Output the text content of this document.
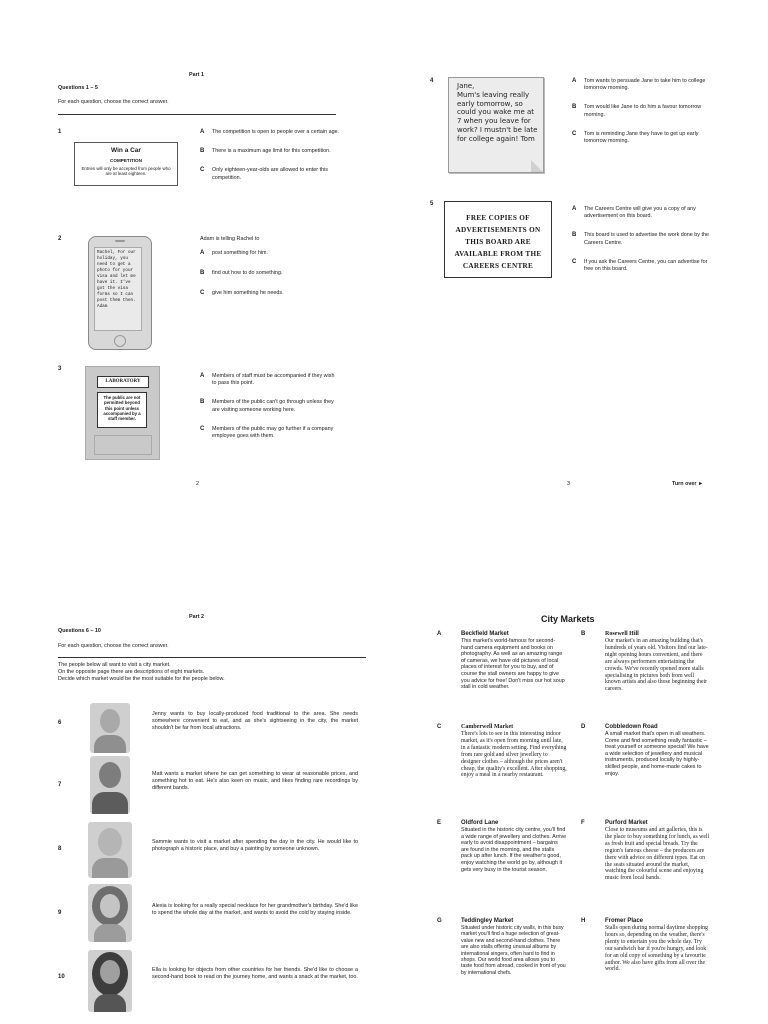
Part 1
Questions 1 – 5
For each question, choose the correct answer.
1
Win a Car
COMPETITION
Entries will only be accepted from people who are at least eighteen.
A	The competition is open to people over a certain age.
B	There is a maximum age limit for this competition.
C	Only eighteen-year-olds are allowed to enter this competition.
2
Rachel, For our holiday, you need to get a photo for your visa and let me have it. I've got the visa forms so I can post them then. Adam
Adam is telling Rachel to
A	post something for him.
B	find out how to do something.
C	give him something he needs.
3
LABORATORY
The public are not permitted beyond this point unless accompanied by a staff member.
A	Members of staff must be accompanied if they wish to pass this point.
B	Members of the public can't go through unless they are visiting someone working here.
C	Members of the public may go further if a company employee goes with them.
2
4
Jane,
Mum's leaving really early tomorrow, so could you wake me at 7 when you leave for work? I mustn't be late for college again! Tom
A	Tom wants to persuade Jane to take him to college tomorrow morning.
B	Tom would like Jane to do him a favour tomorrow morning.
C	Tom is reminding Jane they have to get up early tomorrow morning.
5
FREE COPIES OF ADVERTISEMENTS ON THIS BOARD ARE AVAILABLE FROM THE CAREERS CENTRE
A	The Careers Centre will give you a copy of any advertisement on this board.
B	This board is used to advertise the work done by the Careers Centre.
C	If you ask the Careers Centre, you can advertise for free on this board.
3	Turn over ►
Part 2
Questions 6 – 10
For each question, choose the correct answer.
The people below all want to visit a city market.
On the opposite page there are descriptions of eight markets.
Decide which market would be the most suitable for the people below.
6
Jenny wants to buy locally-produced food traditional to the area. She needs somewhere convenient to eat, and as she's sightseeing in the city, the market shouldn't be far from local attractions.
7
Matt wants a market where he can get something to wear at reasonable prices, and something hot to eat. He's also keen on music, and likes finding rare recordings by different bands.
8
Sammie wants to visit a market after spending the day in the city. He would like to photograph a historic place, and buy a painting by someone unknown.
9
Alexia is looking for a really special necklace for her grandmother's birthday. She'd like to spend the whole day at the market, and wants to avoid the cold by staying inside.
10
Ella is looking for objects from other countries for her friends. She'd like to choose a second-hand book to read on the journey home, and wants a snack at the market, too.
City Markets
A	Beckfield Market
This market's world-famous for second-hand camera equipment and books on photography. As well as an amazing range of cameras, we have old pictures of local places of interest for you to buy, and of course the stall owners are happy to give you advice for free! Don't miss our hot soup stall in cold weather.
B	Rosewell Hill
Our market's in an amazing building that's hundreds of years old. Visitors find our late-night opening hours convenient, and there are always performers entertaining the crowds. We've recently opened more stalls specialising in pictures both from well known artists and also those beginning their careers.
C	Camberwell Market
There's lots to see in this interesting indoor market, as it's open from morning until late, in a fantastic modern setting. Find everything from rare gold and silver jewellery to designer clothes – although the prices aren't cheap, the quality's excellent. After shopping, enjoy a meal in a nearby restaurant.
D	Cobbledown Road
A small market that's open in all weathers. Come and find something really fantastic – treat yourself or someone special! We have a wide selection of jewellery and musical instruments, produced locally by highly-skilled people, and home-made cakes to enjoy.
E	Oldford Lane
Situated in the historic city centre, you'll find a wide range of jewellery and clothes. Arrive early to avoid disappointment – bargains are found in the morning, and the stalls pack up after lunch. If the weather's good, enjoy watching the world go by, although it gets very busy in the tourist season.
F	Purford Market
Close to museums and art galleries, this is the place to buy something for lunch, as well as fresh fruit and special breads. Try the region's famous cheese – the producers are there with advice on different types. Eat on the seats situated around the market, watching the colourful scene and enjoying music from local bands.
G	Teddingley Market
Situated under historic city walls, in this busy market you'll find a huge selection of great-value new and second-hand clothes. There are also stalls offering unusual albums by international singers, often hard to find in shops. Our world food area allows you to taste food from abroad, cooked in front of you by international chefs.
H	Fromer Place
Stalls open during normal daytime shopping hours so, depending on the weather, there's plenty to entertain you the whole day. Try our sandwich bar if you're hungry, and look for an old copy of something by a favourite author. We also have gifts from all over the world.
